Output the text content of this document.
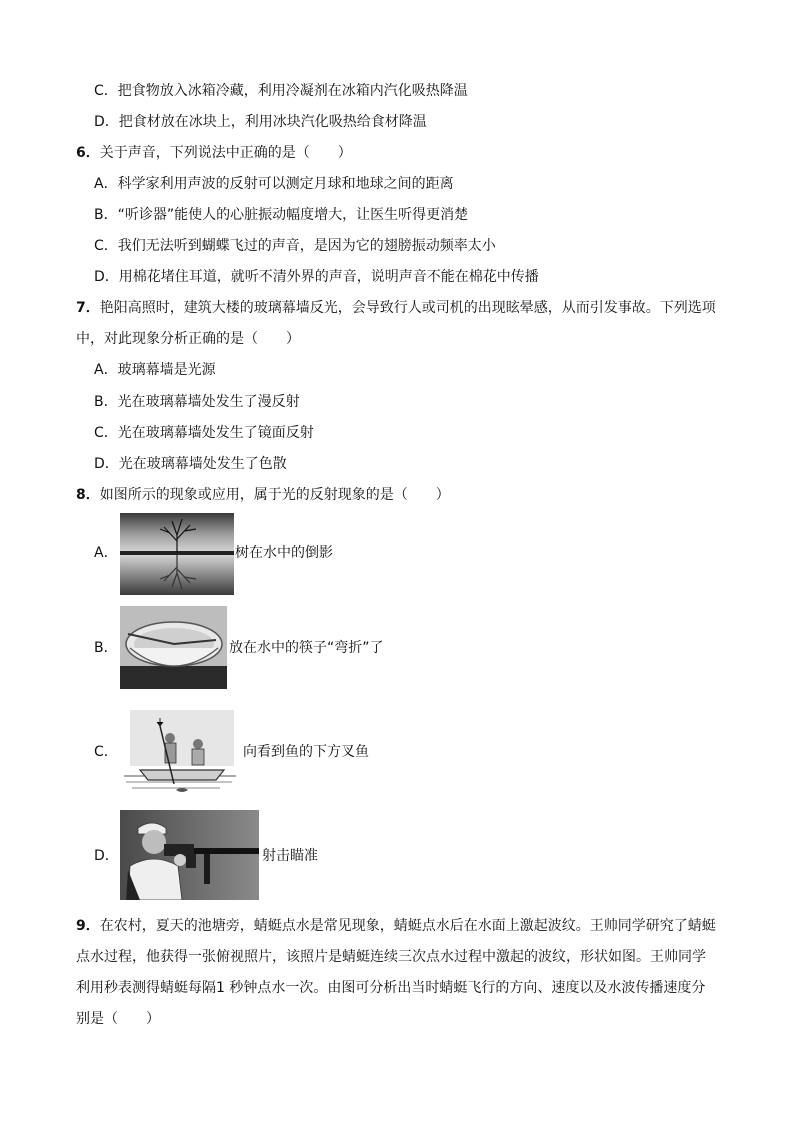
C．把食物放入冰箱冷藏，利用冷凝剂在冰箱内汽化吸热降温
D．把食材放在冰块上，利用冰块汽化吸热给食材降温
6．关于声音，下列说法中正确的是（　　）
A．科学家利用声波的反射可以测定月球和地球之间的距离
B．“听诊器”能使人的心脏振动幅度增大，让医生听得更消楚
C．我们无法听到蝴蝶飞过的声音，是因为它的翅膀振动频率太小
D．用棉花堵住耳道，就听不清外界的声音，说明声音不能在棉花中传播
7．艳阳高照时，建筑大楼的玻璃幕墙反光，会导致行人或司机的出现眩晕感，从而引发事故。下列选项
中，对此现象分析正确的是（　　）
A．玻璃幕墙是光源
B．光在玻璃幕墙处发生了漫反射
C．光在玻璃幕墙处发生了镜面反射
D．光在玻璃幕墙处发生了色散
8．如图所示的现象或应用，属于光的反射现象的是（　　）
A．	树在水中的倒影
B．	放在水中的筷子“弯折”了
C．	向看到鱼的下方叉鱼
D．	射击瞄准
9．在农村，夏天的池塘旁，蜻蜓点水是常见现象，蜻蜓点水后在水面上激起波纹。王帅同学研究了蜻蜓
点水过程，他获得一张俯视照片，该照片是蜻蜓连续三次点水过程中激起的波纹，形状如图。王帅同学
利用秒表测得蜻蜓每隔1 秒钟点水一次。由图可分析出当时蜻蜓飞行的方向、速度以及水波传播速度分
别是（　　）
